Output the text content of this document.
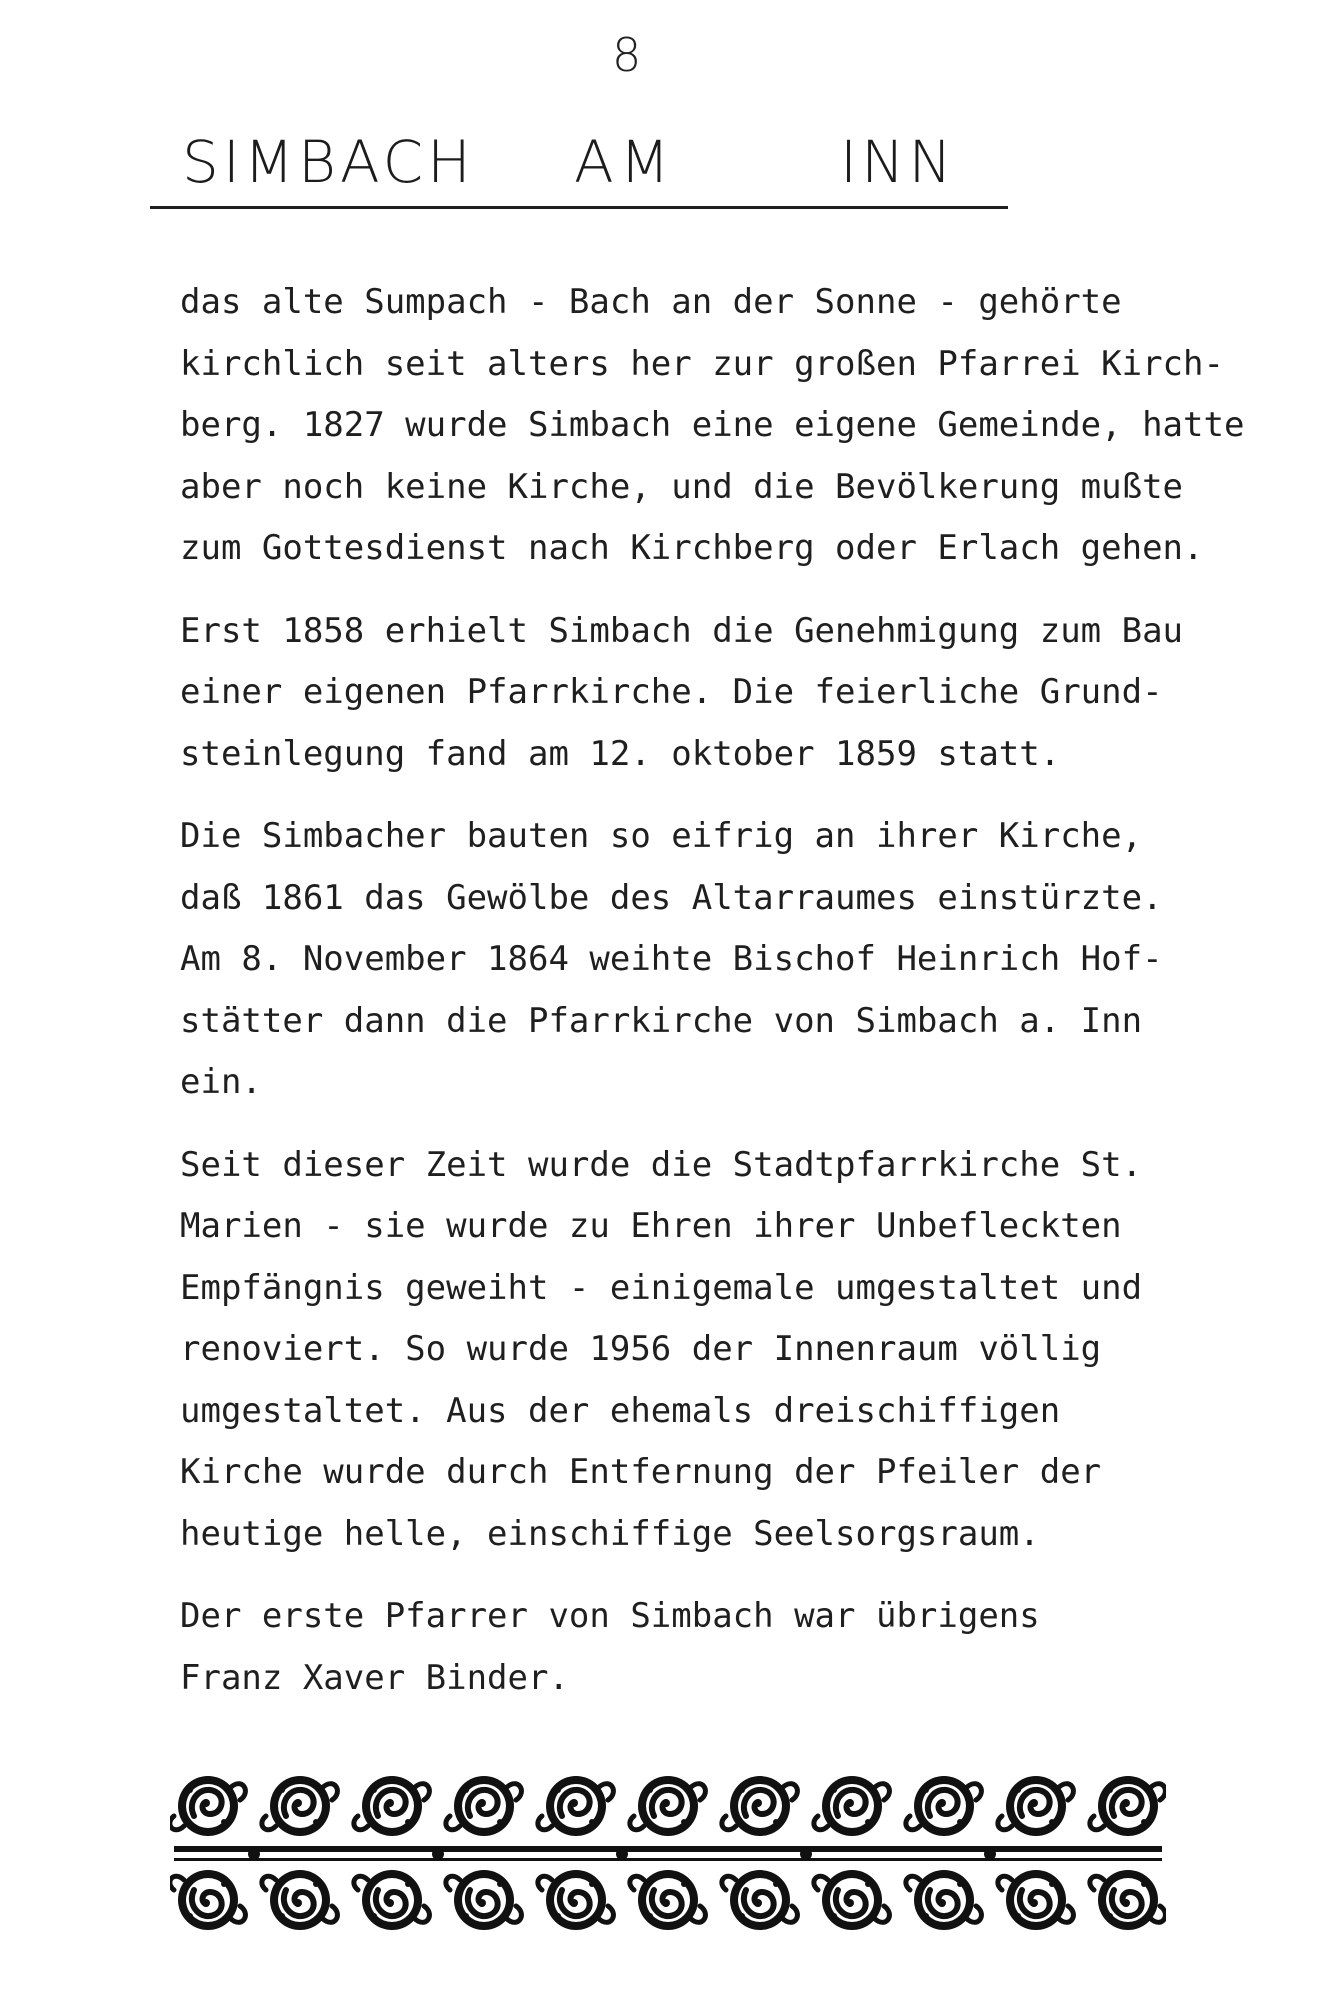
8
SIMBACH AM	INN
das alte Sumpach - Bach an der Sonne - gehörte
kirchlich seit alters her zur großen Pfarrei Kirch-
berg. 1827 wurde Simbach eine eigene Gemeinde, hatte
aber noch keine Kirche, und die Bevölkerung mußte
zum Gottesdienst nach Kirchberg oder Erlach gehen.
Erst 1858 erhielt Simbach die Genehmigung zum Bau
einer eigenen Pfarrkirche. Die feierliche Grund-
steinlegung fand am 12. oktober 1859 statt.
Die Simbacher bauten so eifrig an ihrer Kirche,
daß 1861 das Gewölbe des Altarraumes einstürzte.
Am 8. November 1864 weihte Bischof Heinrich Hof-
stätter dann die Pfarrkirche von Simbach a. Inn
ein.
Seit dieser Zeit wurde die Stadtpfarrkirche St.
Marien - sie wurde zu Ehren ihrer Unbefleckten
Empfängnis geweiht - einigemale umgestaltet und
renoviert. So wurde 1956 der Innenraum völlig
umgestaltet. Aus der ehemals dreischiffigen
Kirche wurde durch Entfernung der Pfeiler der
heutige helle, einschiffige Seelsorgsraum.
Der erste Pfarrer von Simbach war übrigens
Franz Xaver Binder.
